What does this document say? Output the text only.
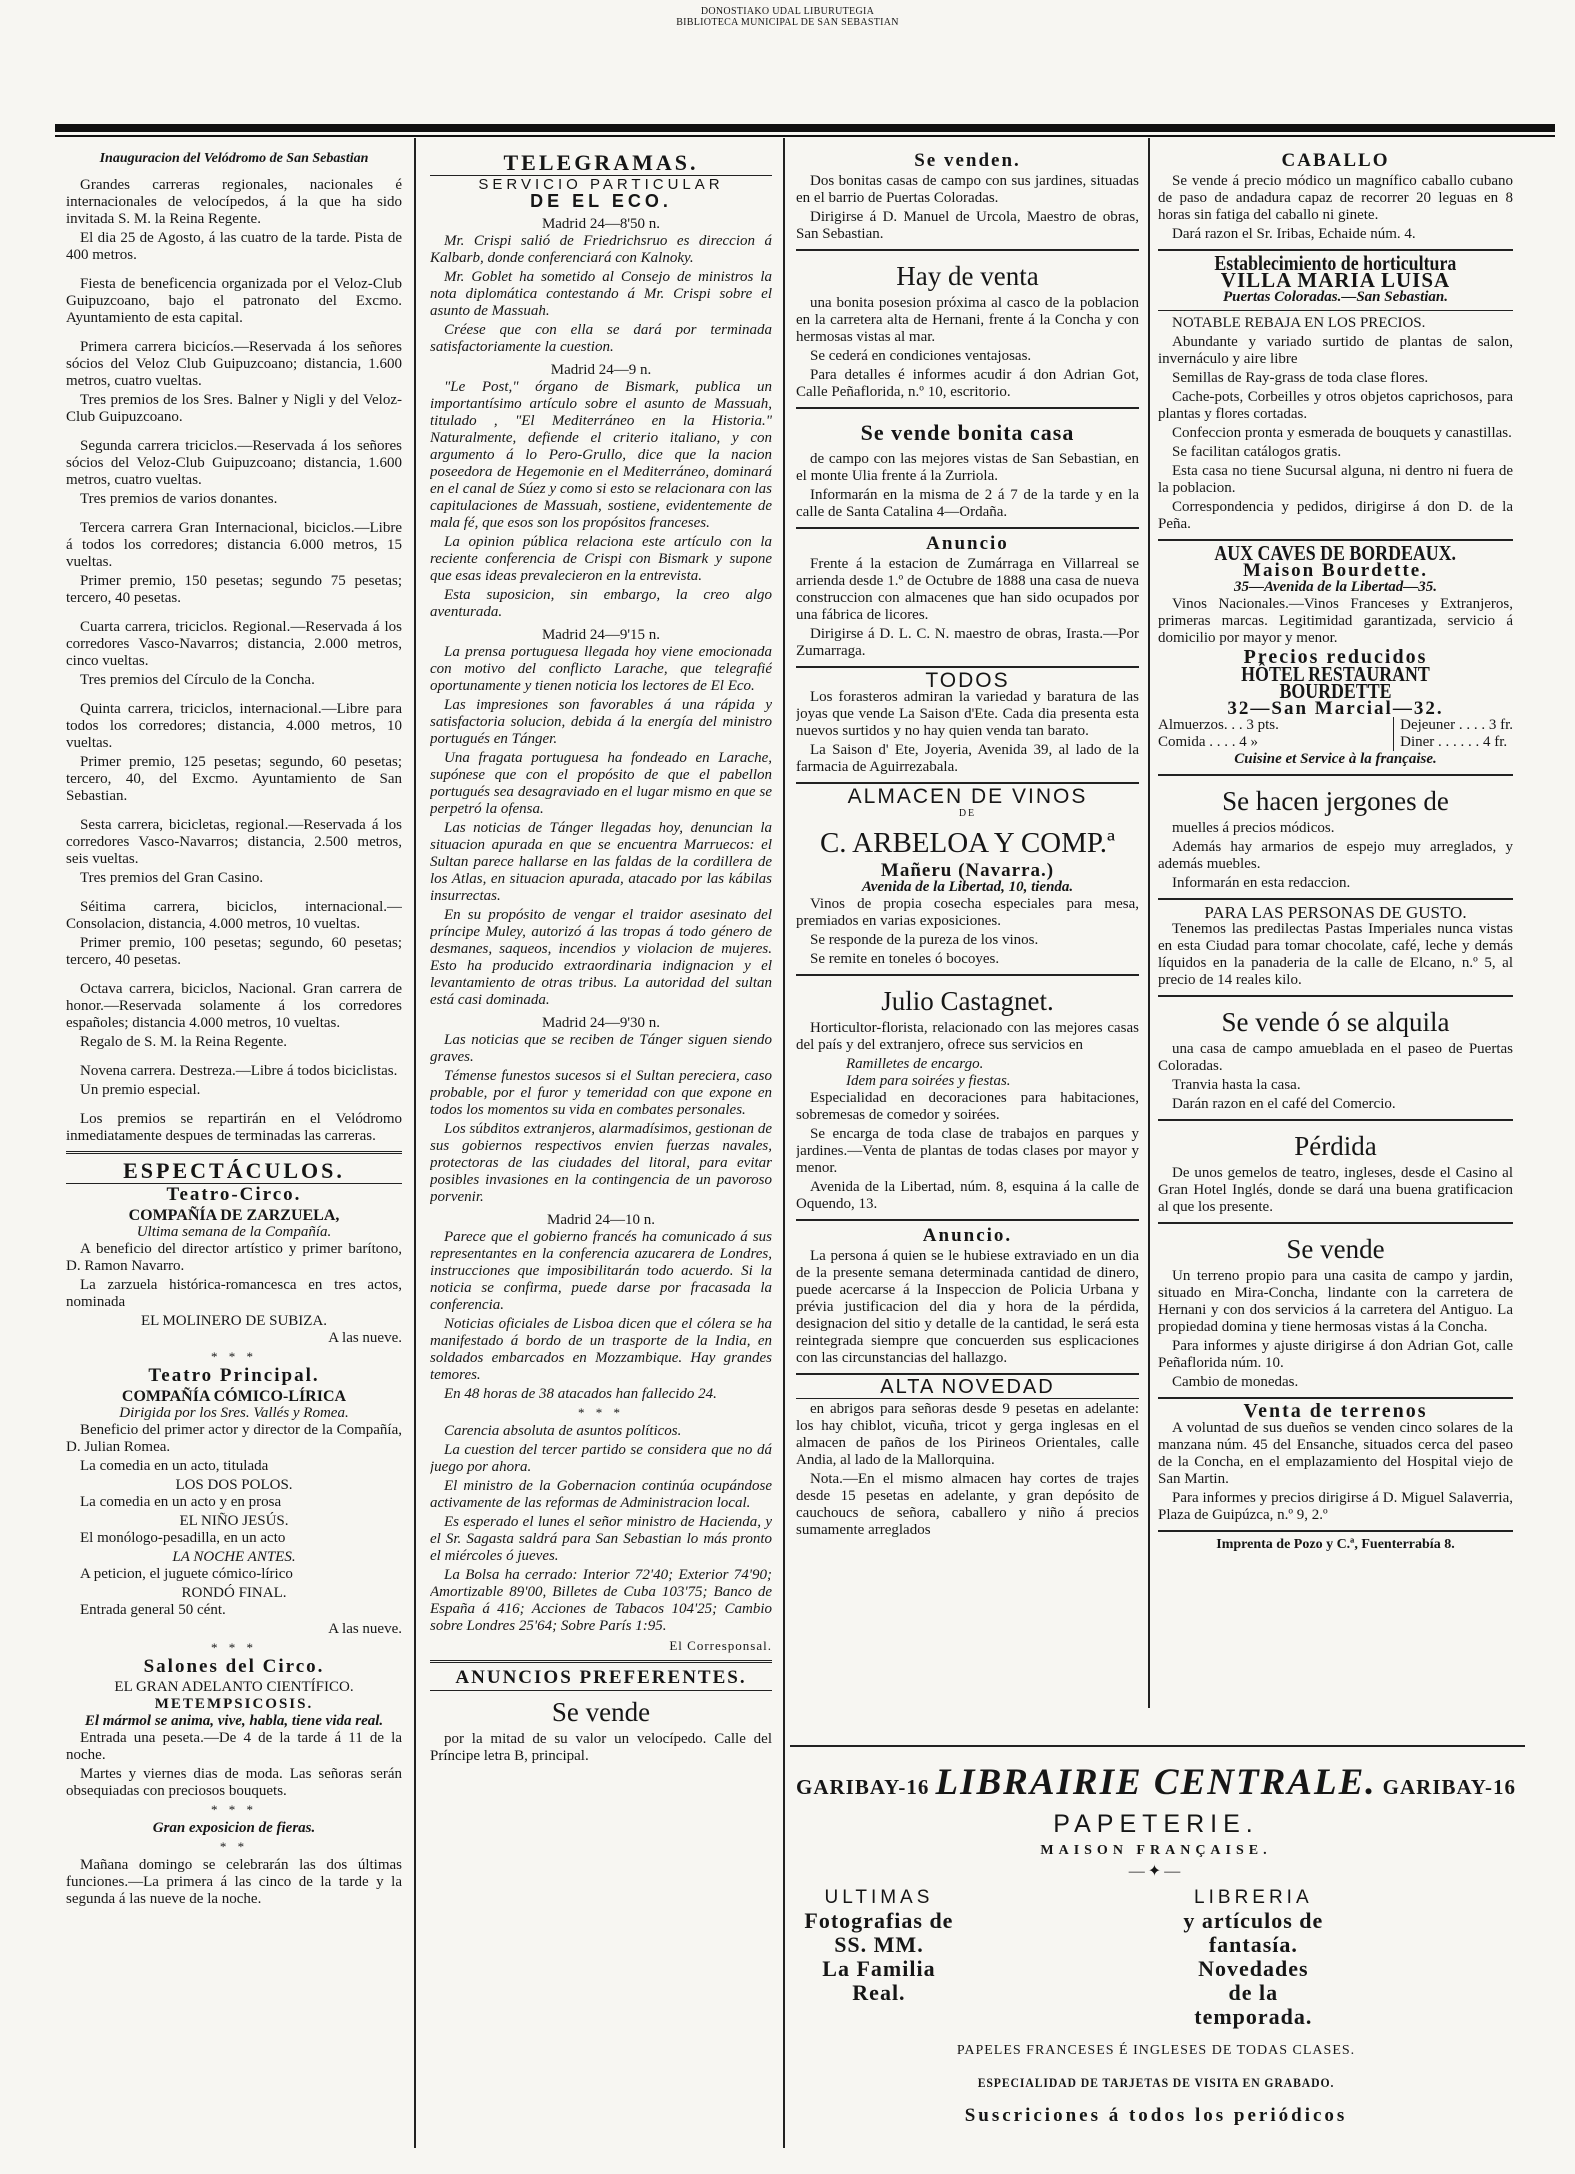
DONOSTIAKO UDAL LIBURUTEGIA
BIBLIOTECA MUNICIPAL DE SAN SEBASTIAN
Inauguracion del Velódromo de San Sebastian

Grandes carreras regionales, nacionales é internacionales de velocípedos, á la que ha sido invitada S. M. la Reina Regente.

El dia 25 de Agosto, á las cuatro de la tarde. Pista de 400 metros.

Fiesta de beneficencia organizada por el Veloz-Club Guipuzcoano, bajo el patronato del Excmo. Ayuntamiento de esta capital.

Primera carrera bicicíos.—Reservada á los señores sócios del Veloz Club Guipuzcoano; distancia, 1.600 metros, cuatro vueltas.

Tres premios de los Sres. Balner y Nigli y del Veloz-Club Guipuzcoano.

Segunda carrera triciclos.—Reservada á los señores sócios del Veloz-Club Guipuzcoano; distancia, 1.600 metros, cuatro vueltas.

Tres premios de varios donantes.

Tercera carrera Gran Internacional, biciclos.—Libre á todos los corredores; distancia 6.000 metros, 15 vueltas.

Primer premio, 150 pesetas; segundo 75 pesetas; tercero, 40 pesetas.

Cuarta carrera, triciclos. Regional.—Reservada á los corredores Vasco-Navarros; distancia, 2.000 metros, cinco vueltas.

Tres premios del Círculo de la Concha.

Quinta carrera, triciclos, internacional.—Libre para todos los corredores; distancia, 4.000 metros, 10 vueltas.

Primer premio, 125 pesetas; segundo, 60 pesetas; tercero, 40, del Excmo. Ayuntamiento de San Sebastian.

Sesta carrera, bicicletas, regional.—Reservada á los corredores Vasco-Navarros; distancia, 2.500 metros, seis vueltas.

Tres premios del Gran Casino.

Séitima carrera, biciclos, internacional.—Consolacion, distancia, 4.000 metros, 10 vueltas.

Primer premio, 100 pesetas; segundo, 60 pesetas; tercero, 40 pesetas.

Octava carrera, biciclos, Nacional. Gran carrera de honor.—Reservada solamente á los corredores españoles; distancia 4.000 metros, 10 vueltas.

Regalo de S. M. la Reina Regente.

Novena carrera. Destreza.—Libre á todos biciclistas.

Un premio especial.

Los premios se repartirán en el Velódromo inmediatamente despues de terminadas las carreras.

ESPECTÁCULOS.
Teatro-Circo.
COMPAÑÍA DE ZARZUELA,
Ultima semana de la Compañía.

A beneficio del director artístico y primer barítono, D. Ramon Navarro.

La zarzuela histórica-romancesca en tres actos, nominada

EL MOLINERO DE SUBIZA.
A las nueve.
* * *
Teatro Principal.
COMPAÑÍA CÓMICO-LÍRICA
Dirigida por los Sres. Vallés y Romea.

Beneficio del primer actor y director de la Compañía, D. Julian Romea.

La comedia en un acto, titulada

LOS DOS POLOS.

La comedia en un acto y en prosa

EL NIÑO JESÚS.

El monólogo-pesadilla, en un acto

LA NOCHE ANTES.

A peticion, el juguete cómico-lírico

RONDÓ FINAL.

Entrada general 50 cént.

A las nueve.
* * *
Salones del Circo.
EL GRAN ADELANTO CIENTÍFICO.
METEMPSICOSIS.
El mármol se anima, vive, habla, tiene vida real.

Entrada una peseta.—De 4 de la tarde á 11 de la noche.

Martes y viernes dias de moda. Las señoras serán obsequiadas con preciosos bouquets.

* * *
Gran exposicion de fieras.
* *

Mañana domingo se celebrarán las dos últimas funciones.—La primera á las cinco de la tarde y la segunda á las nueve de la noche.

TELEGRAMAS.
SERVICIO PARTICULAR
DE EL ECO.
Madrid 24—8'50 n.

Mr. Crispi salió de Friedrichsruo es direccion á Kalbarb, donde conferenciará con Kalnoky.

Mr. Goblet ha sometido al Consejo de ministros la nota diplomática contestando á Mr. Crispi sobre el asunto de Massuah.

Créese que con ella se dará por terminada satisfactoriamente la cuestion.

Madrid 24—9 n.

"Le Post," órgano de Bismark, publica un importantísimo artículo sobre el asunto de Massuah, titulado , "El Mediterráneo en la Historia." Naturalmente, defiende el criterio italiano, y con argumento á lo Pero-Grullo, dice que la nacion poseedora de Hegemonie en el Mediterráneo, dominará en el canal de Súez y como si esto se relacionara con las capitulaciones de Massuah, sostiene, evidentemente de mala fé, que esos son los propósitos franceses.

La opinion pública relaciona este artículo con la reciente conferencia de Crispi con Bismark y supone que esas ideas prevalecieron en la entrevista.

Esta suposicion, sin embargo, la creo algo aventurada.

Madrid 24—9'15 n.

La prensa portuguesa llegada hoy viene emocionada con motivo del conflicto Larache, que telegrafié oportunamente y tienen noticia los lectores de El Eco.

Las impresiones son favorables á una rápida y satisfactoria solucion, debida á la energía del ministro portugués en Tánger.

Una fragata portuguesa ha fondeado en Larache, supónese que con el propósito de que el pabellon portugués sea desagraviado en el lugar mismo en que se perpetró la ofensa.

Las noticias de Tánger llegadas hoy, denuncian la situacion apurada en que se encuentra Marruecos: el Sultan parece hallarse en las faldas de la cordillera de los Atlas, en situacion apurada, atacado por las kábilas insurrectas.

En su propósito de vengar el traidor asesinato del príncipe Muley, autorizó á las tropas á todo género de desmanes, saqueos, incendios y violacion de mujeres. Esto ha producido extraordinaria indignacion y el levantamiento de otras tribus. La autoridad del sultan está casi dominada.

Madrid 24—9'30 n.

Las noticias que se reciben de Tánger siguen siendo graves.

Témense funestos sucesos si el Sultan pereciera, caso probable, por el furor y temeridad con que expone en todos los momentos su vida en combates personales.

Los súbditos extranjeros, alarmadísimos, gestionan de sus gobiernos respectivos envien fuerzas navales, protectoras de las ciudades del litoral, para evitar posibles invasiones en la contingencia de un pavoroso porvenir.

Madrid 24—10 n.

Parece que el gobierno francés ha comunicado á sus representantes en la conferencia azucarera de Londres, instrucciones que imposibilitarán todo acuerdo. Si la noticia se confirma, puede darse por fracasada la conferencia.

Noticias oficiales de Lisboa dicen que el cólera se ha manifestado á bordo de un trasporte de la India, en soldados embarcados en Mozzambique. Hay grandes temores.

En 48 horas de 38 atacados han fallecido 24.

* * *

Carencia absoluta de asuntos políticos.

La cuestion del tercer partido se considera que no dá juego por ahora.

El ministro de la Gobernacion continúa ocupándose activamente de las reformas de Administracion local.

Es esperado el lunes el señor ministro de Hacienda, y el Sr. Sagasta saldrá para San Sebastian lo más pronto el miércoles ó jueves.

La Bolsa ha cerrado: Interior 72'40; Exterior 74'90; Amortizable 89'00, Billetes de Cuba 103'75; Banco de España á 416; Acciones de Tabacos 104'25; Cambio sobre Londres 25'64; Sobre París 1:95.

El Corresponsal.
ANUNCIOS PREFERENTES.
Se vende

por la mitad de su valor un velocípedo. Calle del Príncipe letra B, principal.

Se venden.

Dos bonitas casas de campo con sus jardines, situadas en el barrio de Puertas Coloradas.

Dirigirse á D. Manuel de Urcola, Maestro de obras, San Sebastian.

Hay de venta

una bonita posesion próxima al casco de la poblacion en la carretera alta de Hernani, frente á la Concha y con hermosas vistas al mar.

Se cederá en condiciones ventajosas.

Para detalles é informes acudir á don Adrian Got, Calle Peñaflorida, n.º 10, escritorio.

Se vende bonita casa

de campo con las mejores vistas de San Sebastian, en el monte Ulia frente á la Zurriola.

Informarán en la misma de 2 á 7 de la tarde y en la calle de Santa Catalina 4—Ordaña.

Anuncio

Frente á la estacion de Zumárraga en Villarreal se arrienda desde 1.º de Octubre de 1888 una casa de nueva construccion con almacenes que han sido ocupados por una fábrica de licores.

Dirigirse á D. L. C. N. maestro de obras, Irasta.—Por Zumarraga.

TODOS

Los forasteros admiran la variedad y baratura de las joyas que vende La Saison d'Ete. Cada dia presenta esta nuevos surtidos y no hay quien venda tan barato.

La Saison d' Ete, Joyeria, Avenida 39, al lado de la farmacia de Aguirrezabala.

ALMACEN DE VINOS
DE
C. ARBELOA Y COMP.ª
Mañeru (Navarra.)
Avenida de la Libertad, 10, tienda.

Vinos de propia cosecha especiales para mesa, premiados en varias exposiciones.

Se responde de la pureza de los vinos.

Se remite en toneles ó bocoyes.

Julio Castagnet.

Horticultor-florista, relacionado con las mejores casas del país y del extranjero, ofrece sus servicios en

Ramilletes de encargo.
Idem para soirées y fiestas.

Especialidad en decoraciones para habitaciones, sobremesas de comedor y soirées.

Se encarga de toda clase de trabajos en parques y jardines.—Venta de plantas de todas clases por mayor y menor.

Avenida de la Libertad, núm. 8, esquina á la calle de Oquendo, 13.

Anuncio.

La persona á quien se le hubiese extraviado en un dia de la presente semana determinada cantidad de dinero, puede acercarse á la Inspeccion de Policia Urbana y prévia justificacion del dia y hora de la pérdida, designacion del sitio y detalle de la cantidad, le será esta reintegrada siempre que concuerden sus esplicaciones con las circunstancias del hallazgo.

ALTA NOVEDAD

en abrigos para señoras desde 9 pesetas en adelante: los hay chiblot, vicuña, tricot y gerga inglesas en el almacen de paños de los Pirineos Orientales, calle Andia, al lado de la Mallorquina.

Nota.—En el mismo almacen hay cortes de trajes desde 15 pesetas en adelante, y gran depósito de cauchoucs de señora, caballero y niño á precios sumamente arreglados

CABALLO

Se vende á precio módico un magnífico caballo cubano de paso de andadura capaz de recorrer 20 leguas en 8 horas sin fatiga del caballo ni ginete.

Dará razon el Sr. Iribas, Echaide núm. 4.

Establecimiento de horticultura
VILLA MARIA LUISA
Puertas Coloradas.—San Sebastian.

NOTABLE REBAJA EN LOS PRECIOS.

Abundante y variado surtido de plantas de salon, invernáculo y aire libre

Semillas de Ray-grass de toda clase flores.

Cache-pots, Corbeilles y otros objetos caprichosos, para plantas y flores cortadas.

Confeccion pronta y esmerada de bouquets y canastillas.

Se facilitan catálogos gratis.

Esta casa no tiene Sucursal alguna, ni dentro ni fuera de la poblacion.

Correspondencia y pedidos, dirigirse á don D. de la Peña.

AUX CAVES DE BORDEAUX.
Maison Bourdette.
35—Avenida de la Libertad—35.

Vinos Nacionales.—Vinos Franceses y Extranjeros, primeras marcas. Legitimidad garantizada, servicio á domicilio por mayor y menor.

Precios reducidos
HÔTEL RESTAURANT BOURDETTE
32—San Marcial—32.
Almuerzos. . . 3 pts.
Comida . . . . 4 »
Dejeuner . . . . 3 fr.
Diner . . . . . . 4 fr.
Cuisine et Service à la française.
Se hacen jergones de

muelles á precios módicos.

Además hay armarios de espejo muy arreglados, y además muebles.

Informarán en esta redaccion.

PARA LAS PERSONAS DE GUSTO.

Tenemos las predilectas Pastas Imperiales nunca vistas en esta Ciudad para tomar chocolate, café, leche y demás líquidos en la panaderia de la calle de Elcano, n.º 5, al precio de 14 reales kilo.

Se vende ó se alquila

una casa de campo amueblada en el paseo de Puertas Coloradas.

Tranvia hasta la casa.

Darán razon en el café del Comercio.

Pérdida

De unos gemelos de teatro, ingleses, desde el Casino al Gran Hotel Inglés, donde se dará una buena gratificacion al que los presente.

Se vende

Un terreno propio para una casita de campo y jardin, situado en Mira-Concha, lindante con la carretera de Hernani y con dos servicios á la carretera del Antiguo. La propiedad domina y tiene hermosas vistas á la Concha.

Para informes y ajuste dirigirse á don Adrian Got, calle Peñaflorida núm. 10.

Cambio de monedas.

Venta de terrenos

A voluntad de sus dueños se venden cinco solares de la manzana núm. 45 del Ensanche, situados cerca del paseo de la Concha, en el emplazamiento del Hospital viejo de San Martin.

Para informes y precios dirigirse á D. Miguel Salaverria, Plaza de Guipúzca, n.º 9, 2.º

Imprenta de Pozo y C.ª, Fuenterrabía 8.
GARIBAY-16 LIBRAIRIE CENTRALE. GARIBAY-16
PAPETERIE.
MAISON FRANÇAISE.
—✦—
ULTIMAS
Fotografias de
SS. MM.
La Familia Real.
LIBRERIA
y artículos de fantasía.
Novedades
de la temporada.
PAPELES FRANCESES É INGLESES DE TODAS CLASES.
ESPECIALIDAD DE TARJETAS DE VISITA EN GRABADO.
Suscriciones á todos los periódicos
